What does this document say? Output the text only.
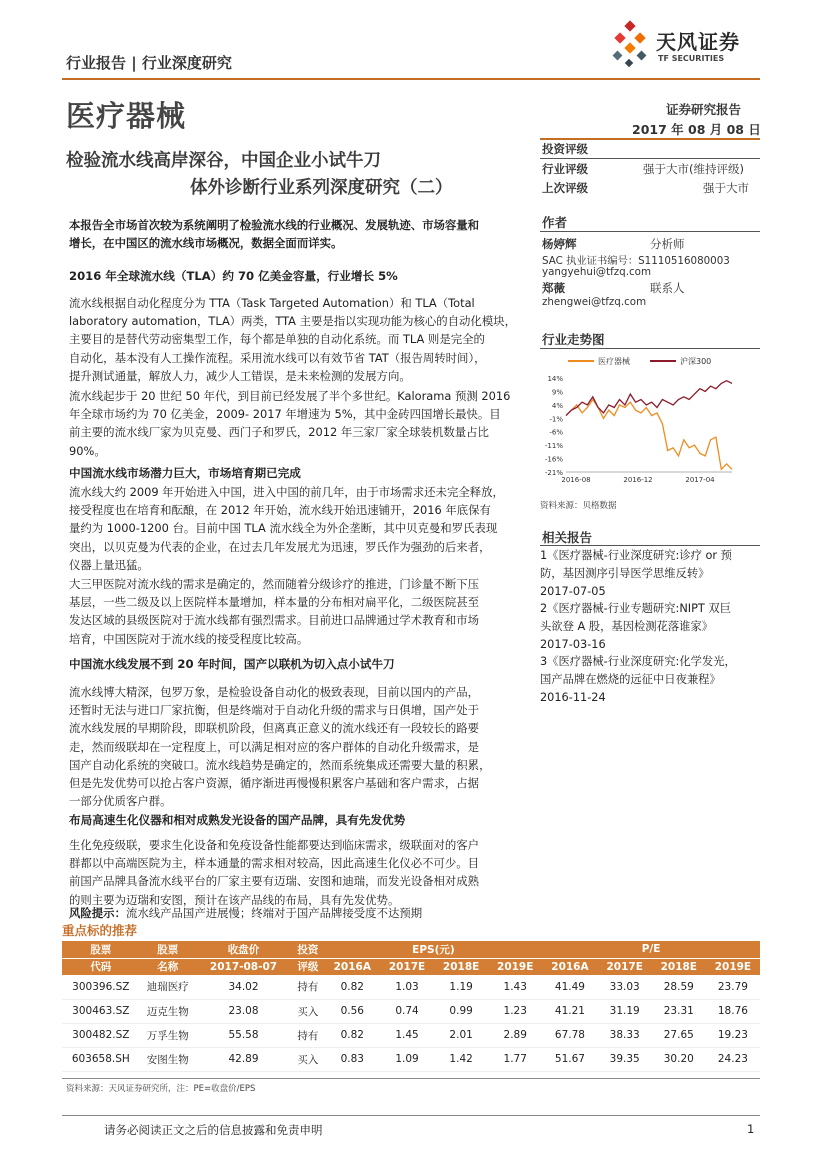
行业报告 | 行业深度研究
天风证券
TF SECURITIES
医疗器械	证券研究报告
2017 年 08 月 08 日
检验流水线高岸深谷，中国企业小试牛刀
体外诊断行业系列深度研究（二）
投资评级
行业评级	强于大市(维持评级)
上次评级	强于大市
作者
杨婷辉	分析师
SAC 执业证书编号：S1110516080003
yangyehui@tfzq.com
郑薇	联系人
zhengwei@tfzq.com
行业走势图
医疗器械	沪深300
14%
9%
4%
-1%
-6%
-11%
-16%
-21%
2016-08	2016-12	2017-04
资料来源：贝格数据
相关报告
1《医疗器械-行业深度研究:诊疗 or 预
防，基因测序引导医学思维反转》
2017-07-05
2《医疗器械-行业专题研究:NIPT 双巨
头欲登 A 股，基因检测花落谁家》
2017-03-16
3《医疗器械-行业深度研究:化学发光，
国产品牌在燃烧的远征中日夜兼程》
2016-11-24
本报告全市场首次较为系统阐明了检验流水线的行业概况、发展轨迹、市场容量和
增长，在中国区的流水线市场概况，数据全面而详实。
2016 年全球流水线（TLA）约 70 亿美金容量，行业增长 5%
流水线根据自动化程度分为 TTA（Task Targeted Automation）和 TLA（Total
laboratory automation，TLA）两类，TTA 主要是指以实现功能为核心的自动化模块，
主要目的是替代劳动密集型工作，每个都是单独的自动化系统。而 TLA 则是完全的
自动化，基本没有人工操作流程。采用流水线可以有效节省 TAT（报告周转时间），
提升测试通量，解放人力，减少人工错误，是未来检测的发展方向。
流水线起步于 20 世纪 50 年代，到目前已经发展了半个多世纪。Kalorama 预测 2016
年全球市场约为 70 亿美金，2009- 2017 年增速为 5%，其中金砖四国增长最快。目
前主要的流水线厂家为贝克曼、西门子和罗氏，2012 年三家厂家全球装机数量占比
90%。
中国流水线市场潜力巨大，市场培育期已完成
流水线大约 2009 年开始进入中国，进入中国的前几年，由于市场需求还未完全释放，
接受程度也在培育和酝酿，在 2012 年开始，流水线开始迅速铺开，2016 年底保有
量约为 1000-1200 台。目前中国 TLA 流水线全为外企垄断，其中贝克曼和罗氏表现
突出，以贝克曼为代表的企业，在过去几年发展尤为迅速，罗氏作为强劲的后来者，
仪器上量迅猛。
大三甲医院对流水线的需求是确定的，然而随着分级诊疗的推进，门诊量不断下压
基层，一些二级及以上医院样本量增加，样本量的分布相对扁平化，二级医院甚至
发达区域的县级医院对于流水线都有强烈需求。目前进口品牌通过学术教育和市场
培育，中国医院对于流水线的接受程度比较高。
中国流水线发展不到 20 年时间，国产以联机为切入点小试牛刀
流水线博大精深，包罗万象，是检验设备自动化的极致表现，目前以国内的产品，
还暂时无法与进口厂家抗衡，但是终端对于自动化升级的需求与日俱增，国产处于
流水线发展的早期阶段，即联机阶段，但离真正意义的流水线还有一段较长的路要
走，然而级联却在一定程度上，可以满足相对应的客户群体的自动化升级需求，是
国产自动化系统的突破口。流水线趋势是确定的，然而系统集成还需要大量的积累，
但是先发优势可以抢占客户资源，循序渐进再慢慢积累客户基础和客户需求，占据
一部分优质客户群。
布局高速生化仪器和相对成熟发光设备的国产品牌，具有先发优势
生化免疫级联，要求生化设备和免疫设备性能都要达到临床需求，级联面对的客户
群都以中高端医院为主，样本通量的需求相对较高，因此高速生化仪必不可少。目
前国产品牌具备流水线平台的厂家主要有迈瑞、安图和迪瑞，而发光设备相对成熟
的则主要为迈瑞和安图，预计在该产品线的布局，具有先发优势。
风险提示：流水线产品国产进展慢；终端对于国产品牌接受度不达预期
重点标的推荐
股票	股票	收盘价	投资	EPS(元)				P/E			
代码	名称	2017-08-07	评级	2016A	2017E	2018E	2019E	2016A	2017E	2018E	2019E
300396.SZ	迪瑞医疗	34.02	持有	0.82	1.03	1.19	1.43	41.49	33.03	28.59	23.79
300463.SZ	迈克生物	23.08	买入	0.56	0.74	0.99	1.23	41.21	31.19	23.31	18.76
300482.SZ	万孚生物	55.58	持有	0.82	1.45	2.01	2.89	67.78	38.33	27.65	19.23
603658.SH	安图生物	42.89	买入	0.83	1.09	1.42	1.77	51.67	39.35	30.20	24.23
资料来源：天风证券研究所，注：PE=收盘价/EPS
请务必阅读正文之后的信息披露和免责申明	1
